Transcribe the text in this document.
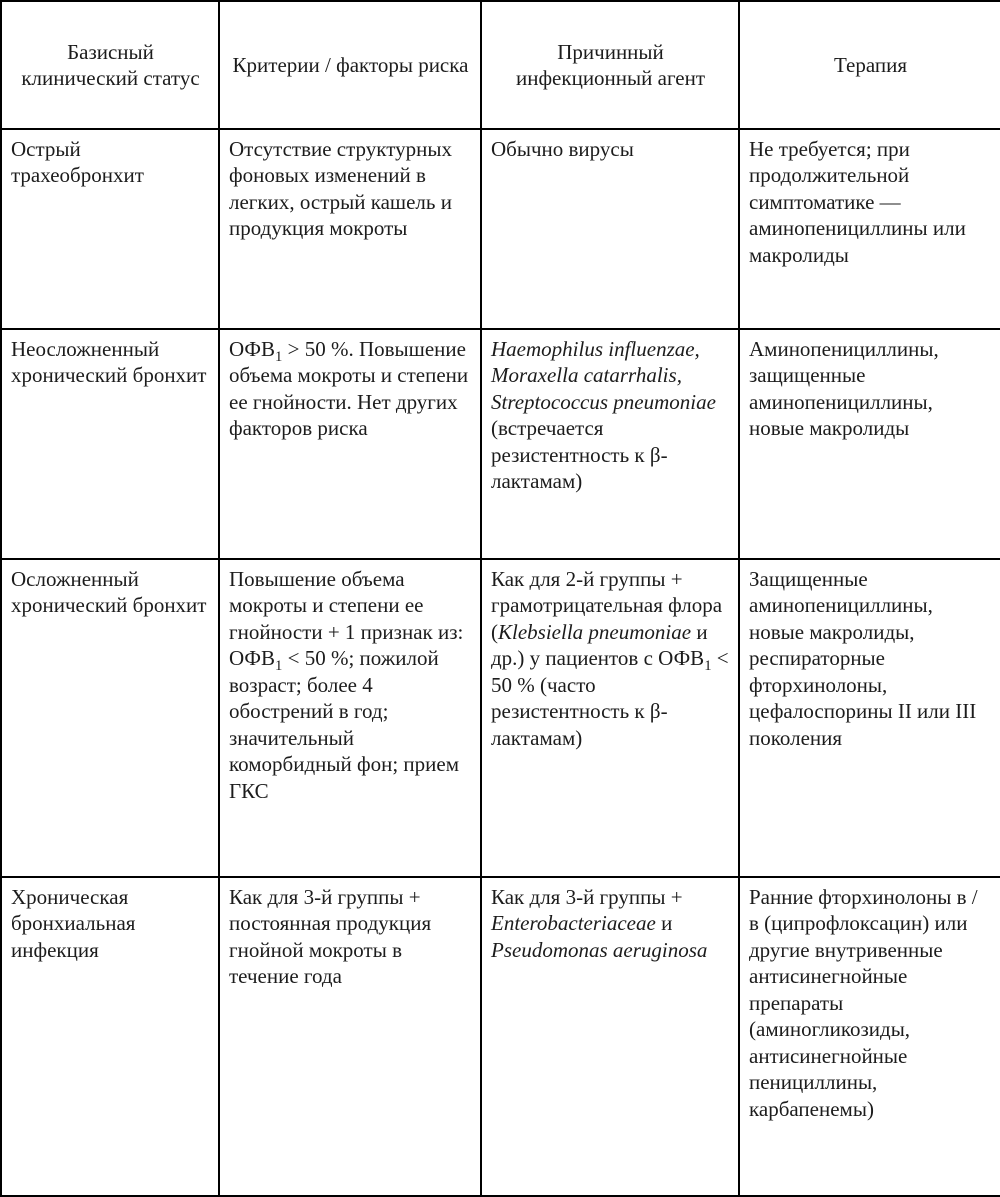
Базисный клинический статус	Критерии / факторы риска	Причинный инфекционный агент	Терапия
Острый трахеобронхит	Отсутствие структурных фоновых изменений в легких, острый кашель и продукция мокроты	Обычно вирусы	Не требуется; при продолжительной симптоматике — аминопенициллины или макролиды
Неосложненный хронический бронхит	$ОФВ_1 > 50$ %. Повышение объема мокроты и степени ее гнойности. Нет других факторов риска	Haemophilus influenzae, Moraxella catarrhalis, Streptococcus pneumoniae (встречается резистентность к β-лактамам)	Аминопенициллины, защищенные аминопенициллины, новые макролиды
Осложненный хронический бронхит	Повышение объема мокроты и степени ее гнойности + 1 признак из: $ОФВ_1 < 50$ %; пожилой возраст; более 4 обострений в год; значительный коморбидный фон; прием ГКС	Как для 2-й группы + грамотрицательная флора (Klebsiella pneumoniae и др.) у пациентов с $ОФВ_1 < 50$ % (часто резистентность к β-лактамам)	Защищенные аминопенициллины, новые макролиды, респираторные фторхинолоны, цефалоспорины II или III поколения
Хроническая бронхиальная инфекция	Как для 3-й группы + постоянная продукция гнойной мокроты в течение года	Как для 3-й группы + Enterobacteriaceae и Pseudomonas aeruginosa	Ранние фторхинолоны в / в (ципрофлоксацин) или другие внутривенные антисинегнойные препараты (аминогликозиды, антисинегнойные пенициллины, карбапенемы)
